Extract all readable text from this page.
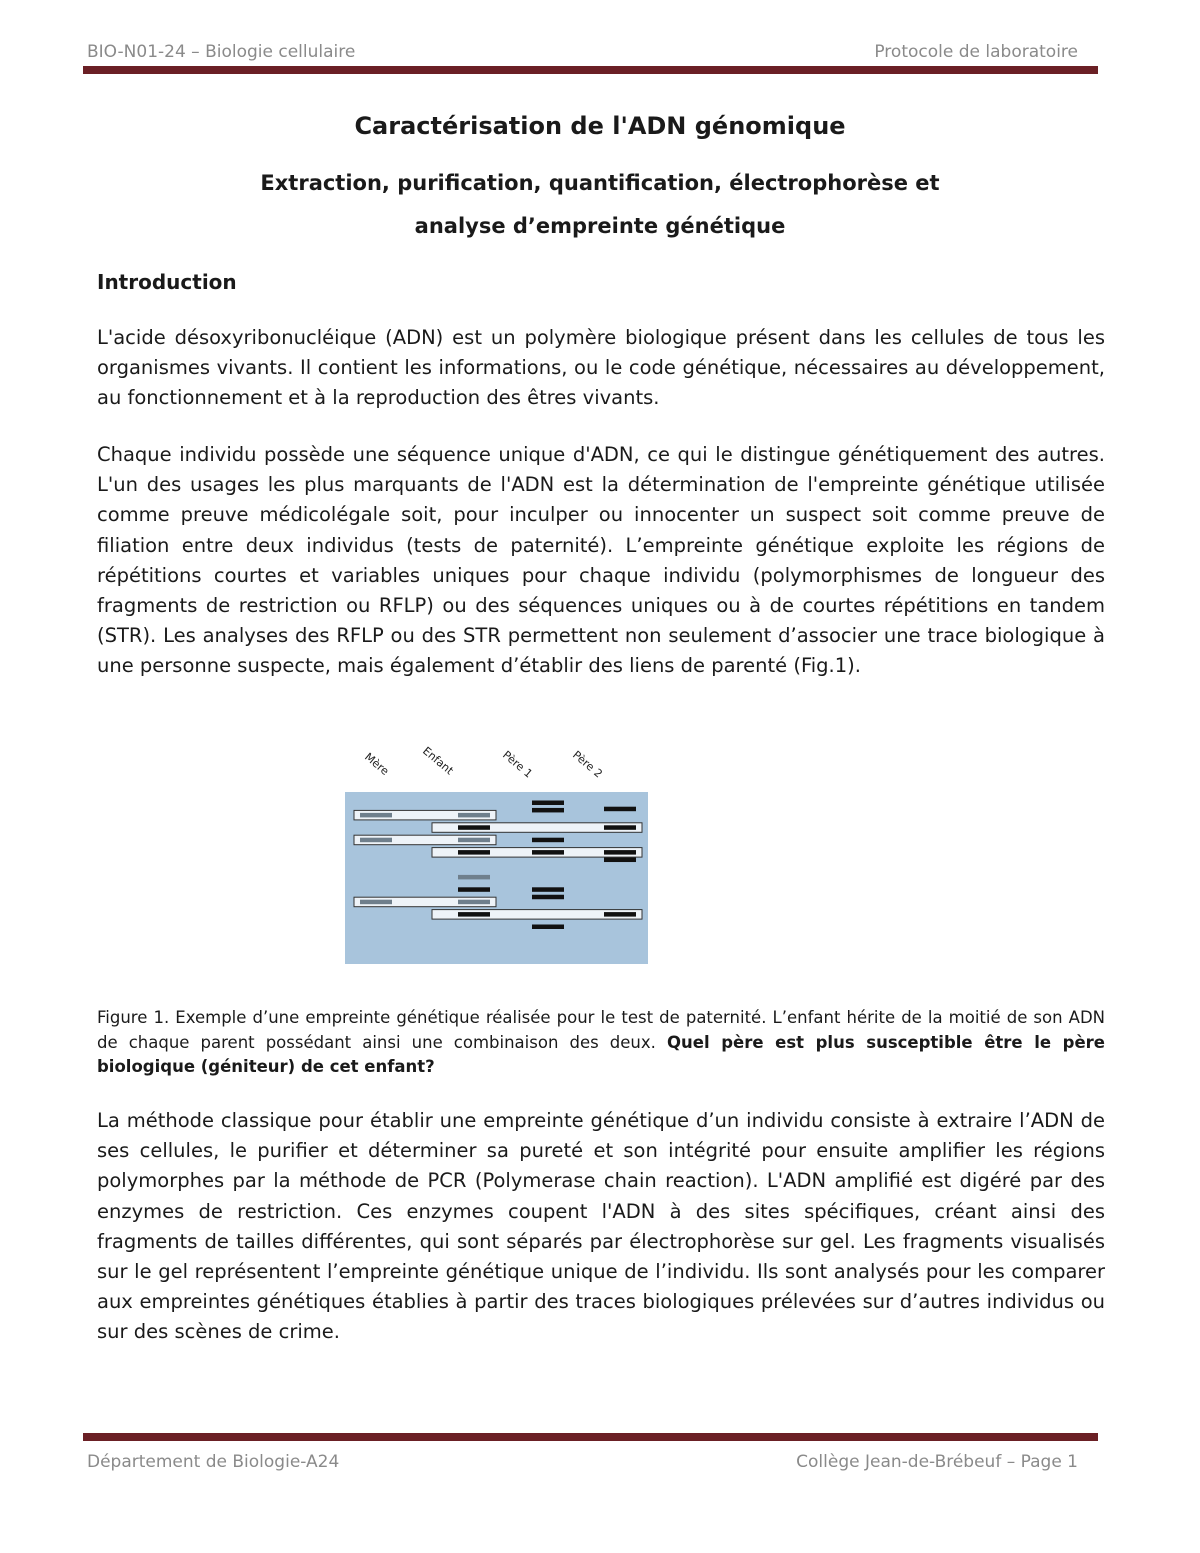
BIO-N01-24 – Biologie cellulaire	Protocole de laboratoire
Caractérisation de l'ADN génomique
Extraction, purification, quantification, électrophorèse et
analyse d’empreinte génétique
Introduction

L'acide désoxyribonucléique (ADN) est un polymère biologique présent dans les cellules de tous les organismes vivants. Il contient les informations, ou le code génétique, nécessaires au développement, au fonctionnement et à la reproduction des êtres vivants.

Chaque individu possède une séquence unique d'ADN, ce qui le distingue génétiquement des autres. L'un des usages les plus marquants de l'ADN est la détermination de l'empreinte génétique utilisée comme preuve médicolégale soit, pour inculper ou innocenter un suspect soit comme preuve de filiation entre deux individus (tests de paternité). L’empreinte génétique exploite les régions de répétitions courtes et variables uniques pour chaque individu (polymorphismes de longueur des fragments de restriction ou RFLP) ou des séquences uniques ou à de courtes répétitions en tandem (STR). Les analyses des RFLP ou des STR permettent non seulement d’associer une trace biologique à une personne suspecte, mais également d’établir des liens de parenté (Fig.1).

Mère	Enfant	Père 1	Père 2

Figure 1. Exemple d’une empreinte génétique réalisée pour le test de paternité. L’enfant hérite de la moitié de son ADN de chaque parent possédant ainsi une combinaison des deux. Quel père est plus susceptible être le père biologique (géniteur) de cet enfant?

La méthode classique pour établir une empreinte génétique d’un individu consiste à extraire l’ADN de ses cellules, le purifier et déterminer sa pureté et son intégrité pour ensuite amplifier les régions polymorphes par la méthode de PCR (Polymerase chain reaction). L'ADN amplifié est digéré par des enzymes de restriction. Ces enzymes coupent l'ADN à des sites spécifiques, créant ainsi des fragments de tailles différentes, qui sont séparés par électrophorèse sur gel. Les fragments visualisés sur le gel représentent l’empreinte génétique unique de l’individu. Ils sont analysés pour les comparer aux empreintes génétiques établies à partir des traces biologiques prélevées sur d’autres individus ou sur des scènes de crime.

Département de Biologie-A24	Collège Jean-de-Brébeuf – Page 1
